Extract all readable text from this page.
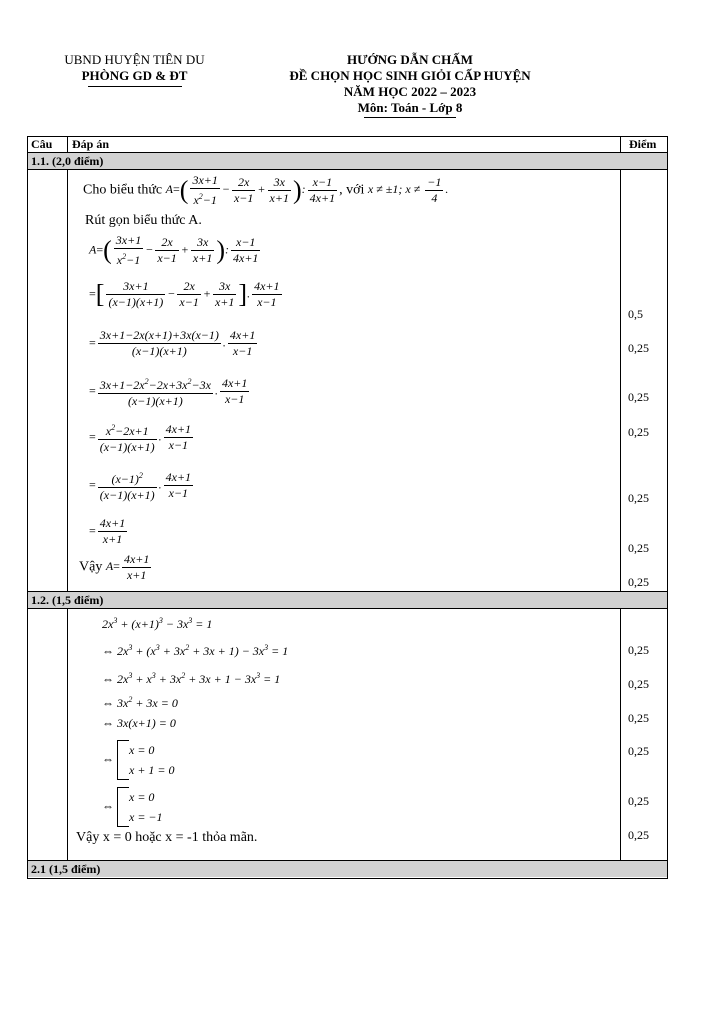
UBND HUYỆN TIÊN DU
PHÒNG GD & ĐT
HƯỚNG DẪN CHẤM
ĐỀ CHỌN HỌC SINH GIỎI CẤP HUYỆN
NĂM HỌC 2022 – 2023
Môn: Toán - Lớp 8
Câu Đáp án	Điểm
1.1. (2,0 điểm)
1.2. (1,5 điểm)
2.1 (1,5 điểm)
Cho biểu thức $A=( \frac{3x+1}{x^2-1} - \frac{2x}{x-1} + \frac{3x}{x+1}$ ): $\frac{x-1}{4x+1}$ , với x ≠ ±1; $x \ne \frac{-1}{4}$ .
Rút gọn biểu thức A.
$A=( \frac{3x+1}{x^2-1} - \frac{2x}{x-1} + \frac{3x}{x+1}$ ): $\frac{x-1}{4x+1}$
=[ $\frac{3x+1}{(x-1)(x+1)} - \frac{2x}{x-1} + \frac{3x}{x+1}$ ]. $\frac{4x+1}{x-1}$
= $\frac{3x+1-2x(x+1)+3x(x-1)}{(x-1)(x+1)}$ . $\frac{4x+1}{x-1}$
= $\frac{3x+1-2x^2-2x+3x^2-3x}{(x-1)(x+1)}$ . $\frac{4x+1}{x-1}$
= $\frac{x^2-2x+1}{(x-1)(x+1)}$ . $\frac{4x+1}{x-1}$
= $\frac{(x-1)^2}{(x-1)(x+1)}$ . $\frac{4x+1}{x-1}$
= $\frac{4x+1}{x+1}$
Vậy $A= \frac{4x+1}{x+1}$
0,5
0,25
0,25
0,25
0,25
0,25
0,25
$2x^3 + (x+1)^3 - 3x^3 = 1$
⇔ $2x^3 + (x^3 + 3x^2 + 3x + 1) - 3x^3 = 1$
⇔ $2x^3 + x^3 + 3x^2 + 3x + 1 - 3x^3 = 1$
⇔ $3x^2 + 3x = 0$
⇔ 3x(x+1) = 0
⇔ x = 0
x + 1 = 0
⇔ x = 0
x = −1
Vậy x = 0 hoặc x = -1 thỏa mãn.
0,25
0,25
0,25
0,25
0,25
0,25
